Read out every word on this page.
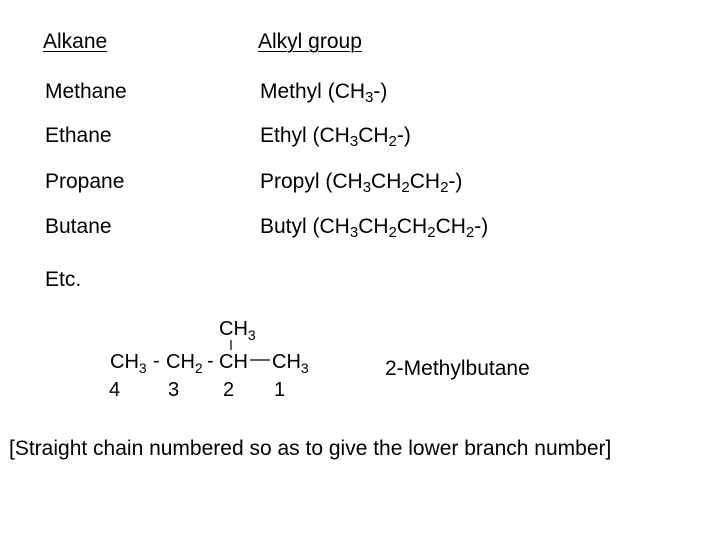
Alkane	Alkyl group
Methane	Methyl $(CH_3-)$
Ethane	Ethyl $(CH_3CH_2-)$
Propane	Propyl $(CH_3CH_2CH_2-)$
Butane	Butyl $(CH_3CH_2CH_2CH_2-)$
Etc.
$CH_3$
$CH_3 - CH_2$ - CH $CH_3$
4 3 2 1
2-Methylbutane
[Straight chain numbered so as to give the lower branch number]
